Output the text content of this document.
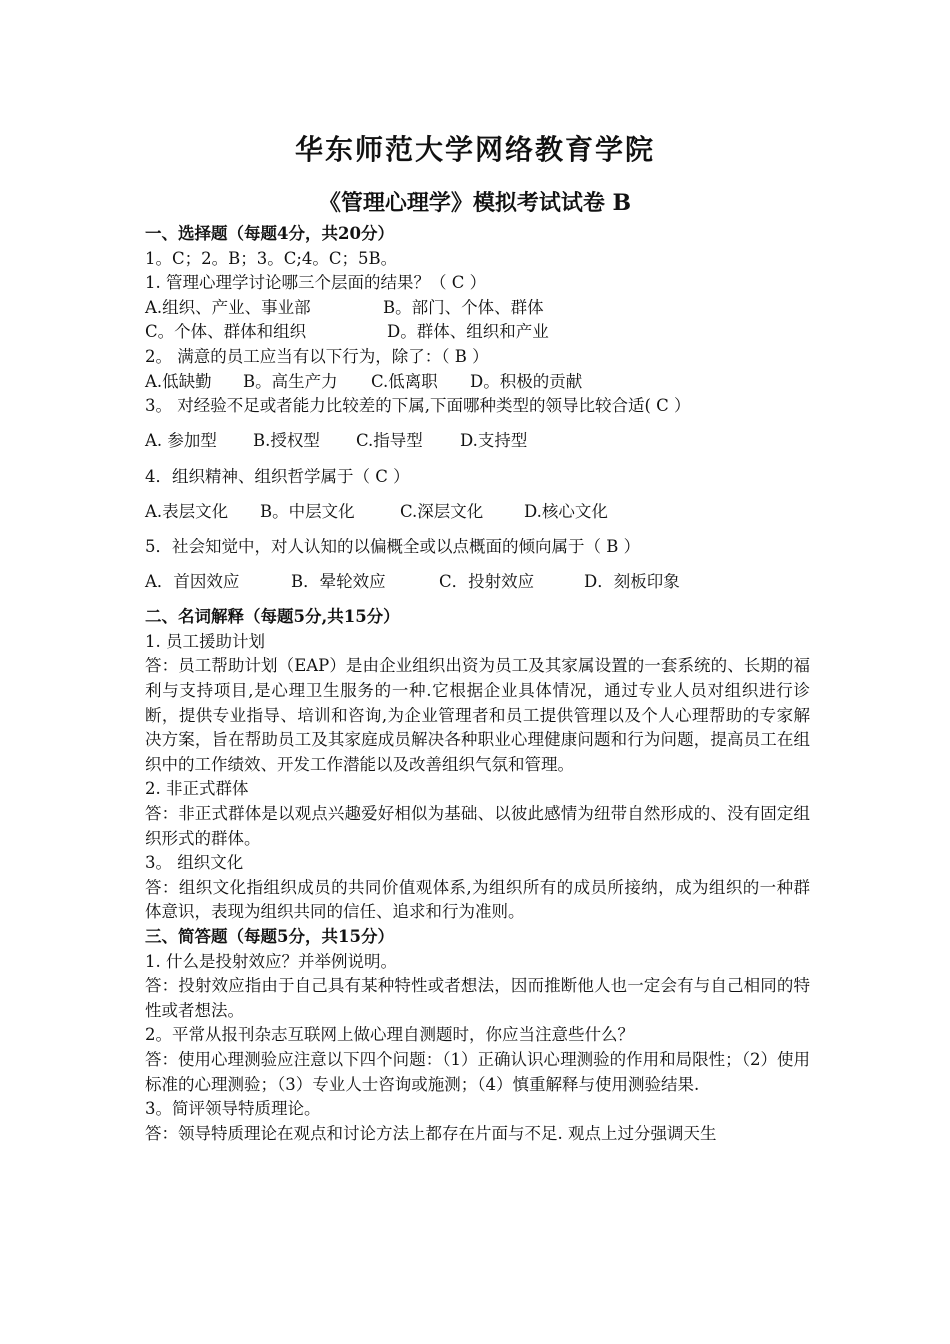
华东师范大学网络教育学院
《管理心理学》模拟考试试卷 B
一、选择题（每题4分，共20分）
1。C；2。B；3。C;4。C；5B。
1. 管理心理学讨论哪三个层面的结果？（ C ）
A.组织、产业、事业部	B。部门、个体、群体
C。个体、群体和组织	D。群体、组织和产业
2。 满意的员工应当有以下行为，除了：（ B ）
A.低缺勤	B。高生产力	C.低离职	D。积极的贡献
3。 对经验不足或者能力比较差的下属,下面哪种类型的领导比较合适( C ）
A. 参加型	B.授权型	C.指导型	D.支持型
4．组织精神、组织哲学属于（ C ）
A.表层文化	B。中层文化	C.深层文化	D.核心文化
5．社会知觉中，对人认知的以偏概全或以点概面的倾向属于（ B ）
A．首因效应	B．晕轮效应	C．投射效应	D．刻板印象
二、名词解释（每题5分,共15分）
1. 员工援助计划
答：员工帮助计划（EAP）是由企业组织出资为员工及其家属设置的一套系统的、长期的福利与支持项目,是心理卫生服务的一种.它根据企业具体情况，通过专业人员对组织进行诊断，提供专业指导、培训和咨询,为企业管理者和员工提供管理以及个人心理帮助的专家解决方案，旨在帮助员工及其家庭成员解决各种职业心理健康问题和行为问题，提高员工在组织中的工作绩效、开发工作潜能以及改善组织气氛和管理。
2. 非正式群体
答：非正式群体是以观点兴趣爱好相似为基础、以彼此感情为纽带自然形成的、没有固定组织形式的群体。
3。 组织文化
答：组织文化指组织成员的共同价值观体系,为组织所有的成员所接纳，成为组织的一种群体意识，表现为组织共同的信任、追求和行为准则。
三、简答题（每题5分，共15分）
1. 什么是投射效应？并举例说明。
答：投射效应指由于自己具有某种特性或者想法，因而推断他人也一定会有与自己相同的特性或者想法。
2。平常从报刊杂志互联网上做心理自测题时，你应当注意些什么？
答：使用心理测验应注意以下四个问题：（1）正确认识心理测验的作用和局限性；（2）使用标准的心理测验；（3）专业人士咨询或施测；（4）慎重解释与使用测验结果.
3。简评领导特质理论。
答：领导特质理论在观点和讨论方法上都存在片面与不足. 观点上过分强调天生
